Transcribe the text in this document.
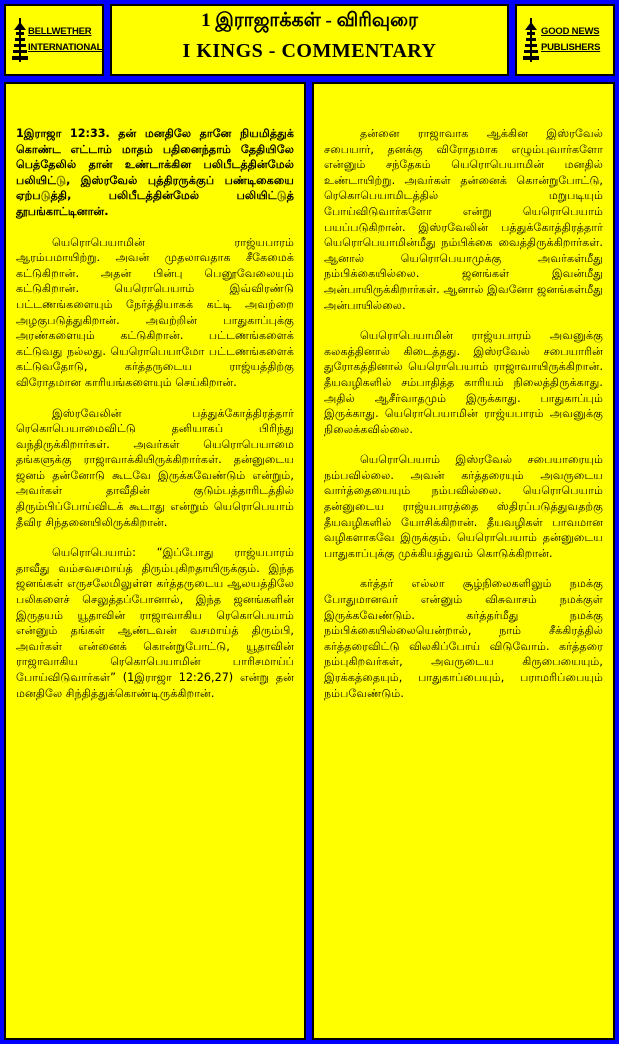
BELLWETHER
INTERNATIONAL
1 இராஜாக்கள் - விரிவுரை
I KINGS - COMMENTARY
GOOD NEWS
PUBLISHERS

1இராஜா 12:33. தன் மனதிலே தானே நியமித்துக் கொண்ட எட்டாம் மாதம் பதினைந்தாம் தேதியிலே பெத்தேலில் தான் உண்டாக்கின பலிபீடத்தின்மேல் பலியிட்டு, இஸ்ரவேல் புத்திரருக்குப் பண்டிகையை ஏற்படுத்தி, பலிபீடத்தின்மேல் பலியிட்டுத் தூபங்காட்டினான்.

யெரொபெயாமின் ராஜ்யபாரம் ஆரம்பமாயிற்று. அவன் முதலாவதாக சீகேமைக் கட்டுகிறான். அதன் பின்பு பெனூவேலையும் கட்டுகிறான். யெரொபெயாம் இவ்விரண்டு பட்டணங்களையும் நேர்த்தியாகக் கட்டி அவற்றை அழகுபடுத்துகிறான். அவற்றின் பாதுகாப்புக்கு அரண்களையும் கட்டுகிறான். பட்டணங்களைக் கட்டுவது நல்லது. யெரொபெயாமோ பட்டணங்களைக் கட்டுவதோடு, கர்த்தருடைய ராஜ்யத்திற்கு விரோதமான காரியங்களையும் செய்கிறான்.

இஸ்ரவேலின் பத்துக்கோத்திரத்தார் ரெகொபெயாமைவிட்டு தனியாகப் பிரிந்து வந்திருக்கிறார்கள். அவர்கள் யெரொபெயாமை தங்களுக்கு ராஜாவாக்கியிருக்கிறார்கள். தன்னுடைய ஜனம் தன்னோடு கூடவே இருக்கவேண்டும் என்றும், அவர்கள் தாவீதின் குடும்பத்தாரிடத்தில் திரும்பிப்போய்விடக் கூடாது என்றும் யெரொபெயாம் தீவிர சிந்தனையிலிருக்கிறான்.

யெரொபெயாம்: “இப்போது ராஜ்யபாரம் தாவீது வம்சவசமாய்த் திரும்புகிறதாயிருக்கும். இந்த ஜனங்கள் எருசலேமிலுள்ள கர்த்தருடைய ஆலயத்திலே பலிகளைச் செலுத்தப்போனால், இந்த ஜனங்களின் இருதயம் யூதாவின் ராஜாவாகிய ரெகொபெயாம் என்னும் தங்கள் ஆண்டவன் வசமாய்த் திரும்பி, அவர்கள் என்னைக் கொன்றுபோட்டு, யூதாவின் ராஜாவாகிய ரெகொபெயாமின் பாரிசமாய்ப் போய்விடுவார்கள்” (1இராஜா 12:26,27) என்று தன் மனதிலே சிந்தித்துக்கொண்டிருக்கிறான்.

தன்னை ராஜாவாக ஆக்கின இஸ்ரவேல் சபையார், தனக்கு விரோதமாக எழும்புவார்களோ என்னும் சந்தேகம் யெரொபெயாமின் மனதில் உண்டாயிற்று. அவர்கள் தன்னைக் கொன்றுபோட்டு, ரெகொபெயாமிடத்தில் மறுபடியும் போய்விடுவார்களோ என்று யெரொபெயாம் பயப்படுகிறான். இஸ்ரவேலின் பத்துக்கோத்திரத்தார் யெரொபெயாமின்மீது நம்பிக்கை வைத்திருக்கிறார்கள். ஆனால் யெரொபெயாமுக்கு அவர்கள்மீது நம்பிக்கையில்லை. ஜனங்கள் இவன்மீது அன்பாயிருக்கிறார்கள். ஆனால் இவனோ ஜனங்கள்மீது அன்பாயில்லை.

யெரொபெயாமின் ராஜ்யபாரம் அவனுக்கு கலகத்தினால் கிடைத்தது. இஸ்ரவேல் சபையாரின் துரோகத்தினால் யெரொபெயாம் ராஜாவாயிருக்கிறான். தீயவழிகளில் சம்பாதித்த காரியம் நிலைத்திருக்காது. அதில் ஆசீர்வாதமும் இருக்காது. பாதுகாப்பும் இருக்காது. யெரொபெயாமின் ராஜ்யபாரம் அவனுக்கு நிலைக்கவில்லை.

யெரொபெயாம் இஸ்ரவேல் சபையாரையும் நம்பவில்லை. அவன் கர்த்தரையும் அவருடைய வார்த்தையையும் நம்பவில்லை. யெரொபெயாம் தன்னுடைய ராஜ்யபாரத்தை ஸ்திரப்படுத்துவதற்கு தீயவழிகளில் யோசிக்கிறான். தீயவழிகள் பாவமான வழிகளாகவே இருக்கும். யெரொபெயாம் தன்னுடைய பாதுகாப்புக்கு முக்கியத்துவம் கொடுக்கிறான்.

கர்த்தர் எல்லா சூழ்நிலைகளிலும் நமக்கு போதுமானவர் என்னும் விசுவாசம் நமக்குள் இருக்கவேண்டும். கர்த்தர்மீது நமக்கு நம்பிக்கையில்லையென்றால், நாம் சீக்கிரத்தில் கர்த்தரைவிட்டு விலகிப்போய் விடுவோம். கர்த்தரை நம்புகிறவர்கள், அவருடைய கிருபையையும், இரக்கத்தையும், பாதுகாப்பையும், பராமரிப்பையும் நம்பவேண்டும்.
